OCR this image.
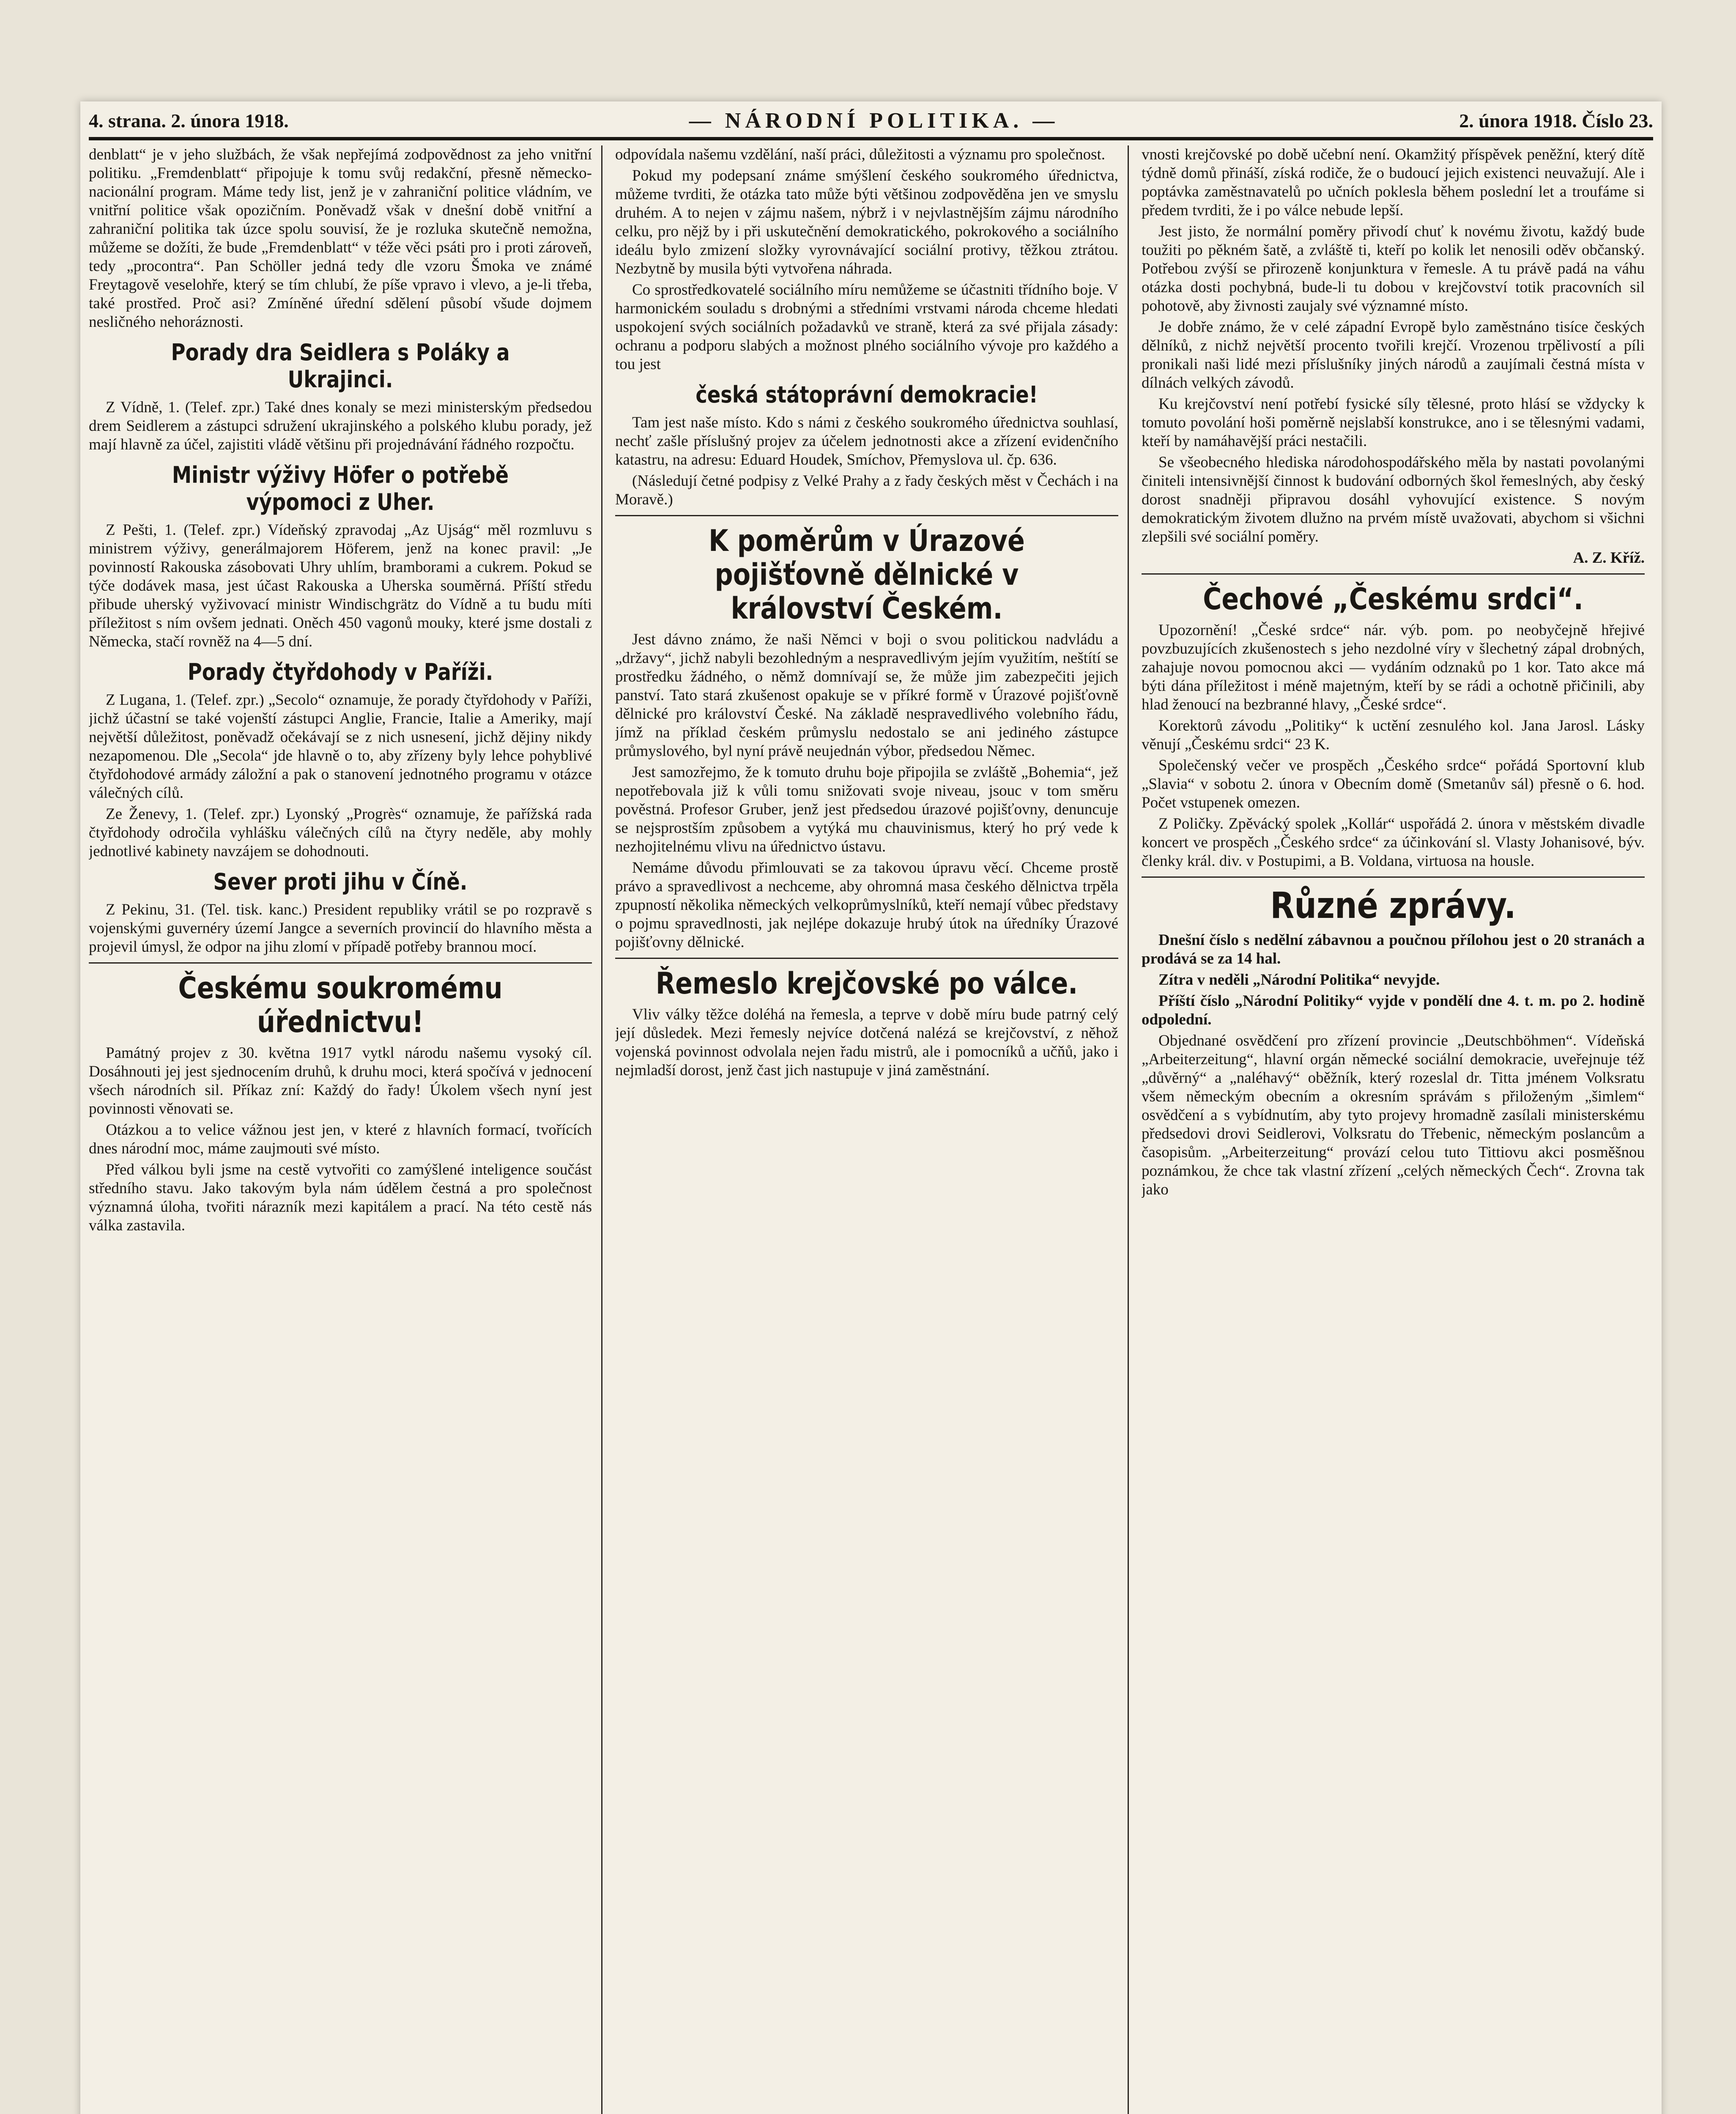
4. strana. 2. února 1918.	— NÁRODNÍ POLITIKA. —	2. února 1918. Číslo 23.

denblatt“ je v jeho službách, že však nepřejímá zodpovědnost za jeho vnitřní politiku. „Fremdenblatt“ připojuje k tomu svůj redakční, přesně německo-nacionální program. Máme tedy list, jenž je v zahraniční politice vládním, ve vnitřní politice však opozičním. Poněvadž však v dnešní době vnitřní a zahraniční politika tak úzce spolu souvisí, že je rozluka skutečně nemožna, můžeme se dožíti, že bude „Fremdenblatt“ v téže věci psáti pro i proti zároveň, tedy „procontra“. Pan Schöller jedná tedy dle vzoru Šmoka ve známé Freytagově veselohře, který se tím chlubí, že píše vpravo i vlevo, a je-li třeba, také prostřed. Proč asi? Zmíněné úřední sdělení působí všude dojmem nesličného nehoráznosti.

Porady dra Seidlera s Poláky a Ukrajinci.

Z Vídně, 1. (Telef. zpr.) Také dnes konaly se mezi ministerským předsedou drem Seidlerem a zástupci sdružení ukrajinského a polského klubu porady, jež mají hlavně za účel, zajistiti vládě většinu při projednávání řádného rozpočtu.

Ministr výživy Höfer o potřebě výpomoci z Uher.

Z Pešti, 1. (Telef. zpr.) Vídeňský zpravodaj „Az Ujság“ měl rozmluvu s ministrem výživy, generálmajorem Höferem, jenž na konec pravil: „Je povinností Rakouska zásobovati Uhry uhlím, bramborami a cukrem. Pokud se týče dodávek masa, jest účast Rakouska a Uherska souměrná. Příští středu přibude uherský vyživovací ministr Windischgrätz do Vídně a tu budu míti příležitost s ním ovšem jednati. Oněch 450 vagonů mouky, které jsme dostali z Německa, stačí rovněž na 4—5 dní.

Porady čtyřdohody v Paříži.

Z Lugana, 1. (Telef. zpr.) „Secolo“ oznamuje, že porady čtyřdohody v Paříži, jichž účastní se také vojenští zástupci Anglie, Francie, Italie a Ameriky, mají největší důležitost, poněvadž očekávají se z nich usnesení, jichž dějiny nikdy nezapomenou. Dle „Secola“ jde hlavně o to, aby zřízeny byly lehce pohyblivé čtyřdohodové armády záložní a pak o stanovení jednotného programu v otázce válečných cílů.

Ze Ženevy, 1. (Telef. zpr.) Lyonský „Progrès“ oznamuje, že pařížská rada čtyřdohody odročila vyhlášku válečných cílů na čtyry neděle, aby mohly jednotlivé kabinety navzájem se dohodnouti.

Sever proti jihu v Číně.

Z Pekinu, 31. (Tel. tisk. kanc.) President republiky vrátil se po rozpravě s vojenskými guvernéry území Jangce a severních provincií do hlavního města a projevil úmysl, že odpor na jihu zlomí v případě potřeby brannou mocí.

Českému soukromému úřednictvu!

Památný projev z 30. května 1917 vytkl národu našemu vysoký cíl. Dosáhnouti jej jest sjednocením druhů, k druhu moci, která spočívá v jednocení všech národních sil. Příkaz zní: Každý do řady! Úkolem všech nyní jest povinnosti věnovati se.

Otázkou a to velice vážnou jest jen, v které z hlavních formací, tvořících dnes národní moc, máme zaujmouti své místo.

Před válkou byli jsme na cestě vytvořiti co zamýšlené inteligence součást středního stavu. Jako takovým byla nám údělem čestná a pro společnost významná úloha, tvořiti nárazník mezi kapitálem a prací. Na této cestě nás válka zastavila.

odpovídala našemu vzdělání, naší práci, důležitosti a významu pro společnost.

Pokud my podepsaní známe smýšlení českého soukromého úřednictva, můžeme tvrditi, že otázka tato může býti většinou zodpověděna jen ve smyslu druhém. A to nejen v zájmu našem, nýbrž i v nejvlastnějším zájmu národního celku, pro nějž by i při uskutečnění demokratického, pokrokového a sociálního ideálu bylo zmizení složky vyrovnávající sociální protivy, těžkou ztrátou. Nezbytně by musila býti vytvořena náhrada.

Co sprostředkovatelé sociálního míru nemůžeme se účastniti třídního boje. V harmonickém souladu s drobnými a středními vrstvami národa chceme hledati uspokojení svých sociálních požadavků ve straně, která za své přijala zásady: ochranu a podporu slabých a možnost plného sociálního vývoje pro každého a tou jest

česká státoprávní demokracie!

Tam jest naše místo. Kdo s námi z českého soukromého úřednictva souhlasí, nechť zašle příslušný projev za účelem jednotnosti akce a zřízení evidenčního katastru, na adresu: Eduard Houdek, Smíchov, Přemyslova ul. čp. 636.

(Následují četné podpisy z Velké Prahy a z řady českých měst v Čechách i na Moravě.)

K poměrům v Úrazové pojišťovně dělnické v království Českém.

Jest dávno známo, že naši Němci v boji o svou politickou nadvládu a „državy“, jichž nabyli bezohledným a nespravedlivým jejím využitím, neštítí se prostředku žádného, o němž domnívají se, že může jim zabezpečiti jejich panství. Tato stará zkušenost opakuje se v příkré formě v Úrazové pojišťovně dělnické pro království České. Na základě nespravedlivého volebního řádu, jímž na příklad českém průmyslu nedostalo se ani jediného zástupce průmyslového, byl nyní právě neujednán výbor, předsedou Němec.

Jest samozřejmo, že k tomuto druhu boje připojila se zvláště „Bohemia“, jež nepotřebovala již k vůli tomu snižovati svoje niveau, jsouc v tom směru pověstná. Profesor Gruber, jenž jest předsedou úrazové pojišťovny, denuncuje se nejsprostším způsobem a vytýká mu chauvinismus, který ho prý vede k nezhojitelnému vlivu na úřednictvo ústavu.

Nemáme důvodu přimlouvati se za takovou úpravu věcí. Chceme prostě právo a spravedlivost a nechceme, aby ohromná masa českého dělnictva trpěla zpupností několika německých velkoprůmyslníků, kteří nemají vůbec představy o pojmu spravedlnosti, jak nejlépe dokazuje hrubý útok na úředníky Úrazové pojišťovny dělnické.

Řemeslo krejčovské po válce.

Vliv války těžce doléhá na řemesla, a teprve v době míru bude patrný celý její důsledek. Mezi řemesly nejvíce dotčená nalézá se krejčovství, z něhož vojenská povinnost odvolala nejen řadu mistrů, ale i pomocníků a učňů, jako i nejmladší dorost, jenž čast jich nastupuje v jiná zaměstnání.

vnosti krejčovské po době učební není. Okamžitý příspěvek peněžní, který dítě týdně domů přináší, získá rodiče, že o budoucí jejich existenci neuvažují. Ale i poptávka zaměstnavatelů po učních poklesla během poslední let a troufáme si předem tvrditi, že i po válce nebude lepší.

Jest jisto, že normální poměry přivodí chuť k novému životu, každý bude toužiti po pěkném šatě, a zvláště ti, kteří po kolik let nenosili oděv občanský. Potřebou zvýší se přirozeně konjunktura v řemesle. A tu právě padá na váhu otázka dosti pochybná, bude-li tu dobou v krejčovství totik pracovních sil pohotově, aby živnosti zaujaly své významné místo.

Je dobře známo, že v celé západní Evropě bylo zaměstnáno tisíce českých dělníků, z nichž největší procento tvořili krejčí. Vrozenou trpělivostí a píli pronikali naši lidé mezi příslušníky jiných národů a zaujímali čestná místa v dílnách velkých závodů.

Ku krejčovství není potřebí fysické síly tělesné, proto hlásí se vždycky k tomuto povolání hoši poměrně nejslabší konstrukce, ano i se tělesnými vadami, kteří by namáhavější práci nestačili.

Se všeobecného hlediska národohospodářského měla by nastati povolanými činiteli intensivnější činnost k budování odborných škol řemeslných, aby český dorost snadněji připravou dosáhl vyhovující existence. S novým demokratickým životem dlužno na prvém místě uvažovati, abychom si všichni zlepšili své sociální poměry.

A. Z. Kříž.
Čechové „Českému srdci“.

Upozornění! „České srdce“ nár. výb. pom. po neobyčejně hřejivé povzbuzujících zkušenostech s jeho nezdolné víry v šlechetný zápal drobných, zahajuje novou pomocnou akci — vydáním odznaků po 1 kor. Tato akce má býti dána příležitost i méně majetným, kteří by se rádi a ochotně přičinili, aby hlad ženoucí na bezbranné hlavy, „České srdce“.

Korektorů závodu „Politiky“ k uctění zesnulého kol. Jana Jarosl. Lásky věnují „Českému srdci“ 23 K.

Společenský večer ve prospěch „Českého srdce“ pořádá Sportovní klub „Slavia“ v sobotu 2. února v Obecním domě (Smetanův sál) přesně o 6. hod. Počet vstupenek omezen.

Z Poličky. Zpěvácký spolek „Kollár“ uspořádá 2. února v městském divadle koncert ve prospěch „Českého srdce“ za účinkování sl. Vlasty Johanisové, býv. členky král. div. v Postupimi, a B. Voldana, virtuosa na housle.

Různé zprávy.

Dnešní číslo s nedělní zábavnou a poučnou přílohou jest o 20 stranách a prodává se za 14 hal.

Zítra v neděli „Národní Politika“ nevyjde.

Příští číslo „Národní Politiky“ vyjde v pondělí dne 4. t. m. po 2. hodině odpolední.

Objednané osvědčení pro zřízení provincie „Deutschböhmen“. Vídeňská „Arbeiterzeitung“, hlavní orgán německé sociální demokracie, uveřejnuje též „důvěrný“ a „naléhavý“ oběžník, který rozeslal dr. Titta jménem Volksratu všem německým obecním a okresním správám s přiloženým „šimlem“ osvědčení a s vybídnutím, aby tyto projevy hromadně zasílali ministerskému předsedovi drovi Seidlerovi, Volksratu do Třebenic, německým poslancům a časopisům. „Arbeiterzeitung“ provází celou tuto Tittiovu akci posměšnou poznámkou, že chce tak vlastní zřízení „celých německých Čech“. Zrovna tak jako
